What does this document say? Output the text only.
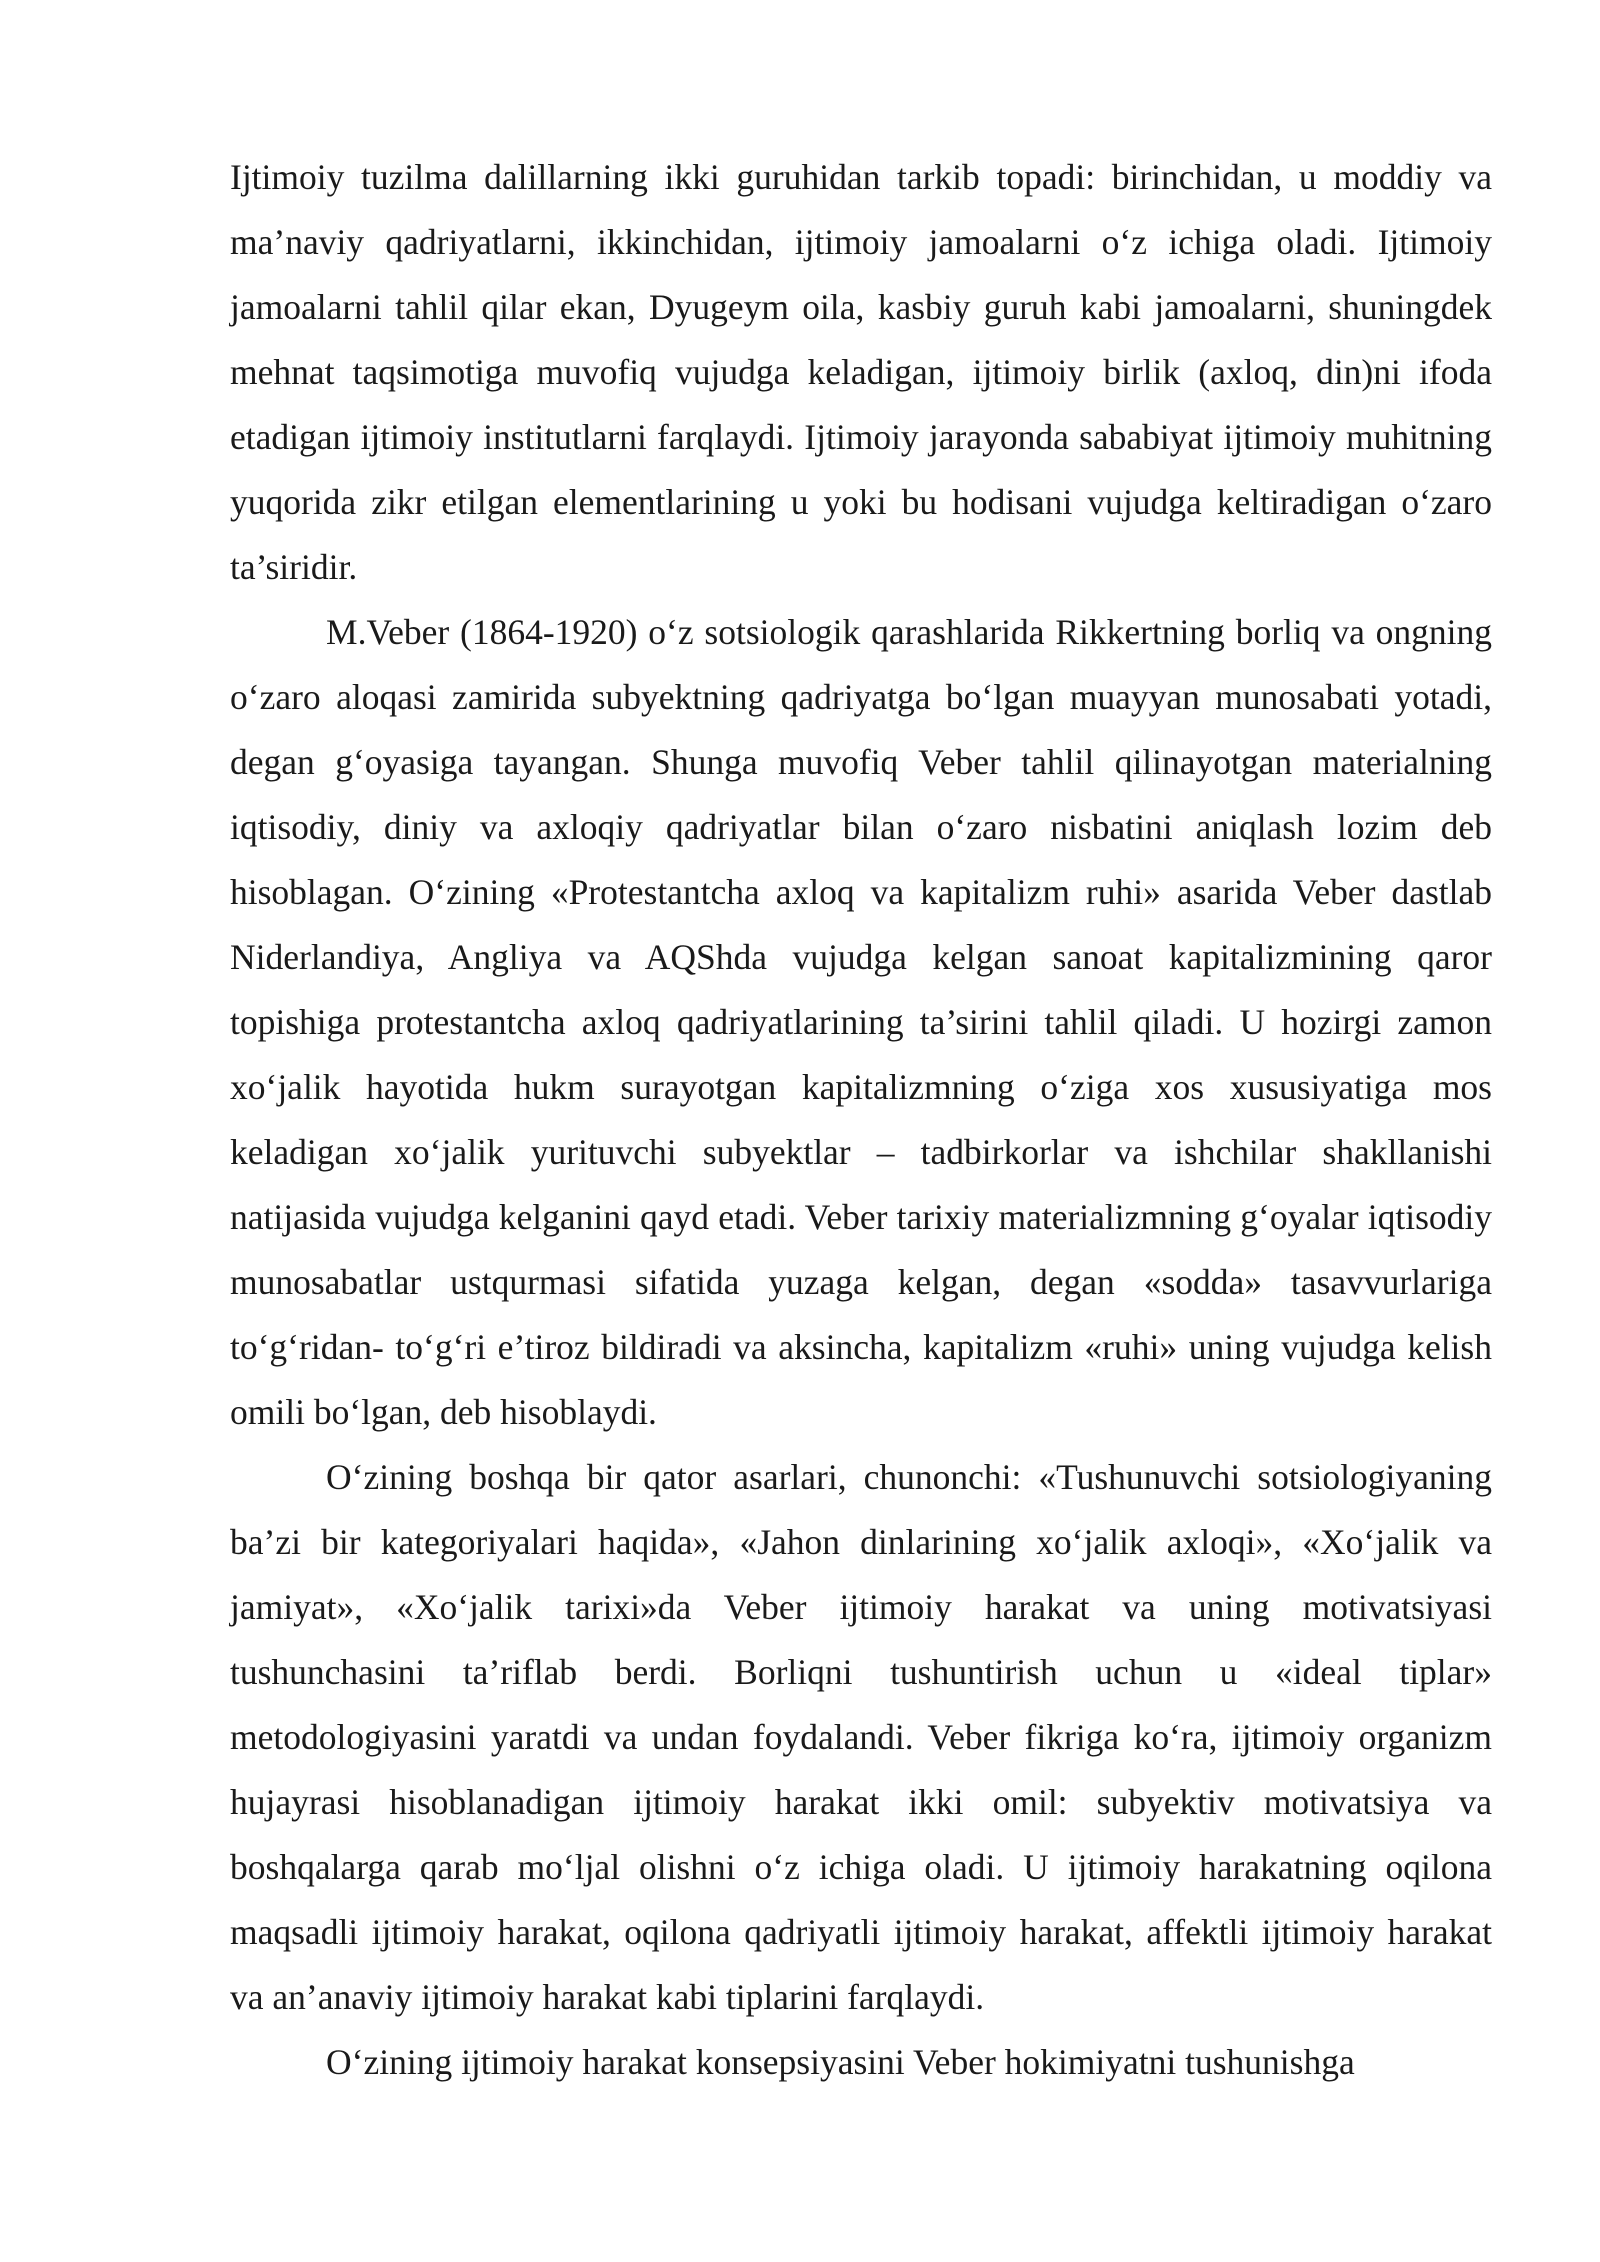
Ijtimoiy tuzilma dalillarning ikki guruhidan tarkib topadi: birinchidan, u moddiy va ma’naviy qadriyatlarni, ikkinchidan, ijtimoiy jamoalarni o‘z ichiga oladi. Ijtimoiy jamoalarni tahlil qilar ekan, Dyugeym oila, kasbiy guruh kabi jamoalarni, shuningdek mehnat taqsimotiga muvofiq vujudga keladigan, ijtimoiy birlik (axloq, din)ni ifoda etadigan ijtimoiy institutlarni farqlaydi. Ijtimoiy jarayonda sababiyat ijtimoiy muhitning yuqorida zikr etilgan elementlarining u yoki bu hodisani vujudga keltiradigan o‘zaro ta’siridir.

M.Veber (1864-1920) o‘z sotsiologik qarashlarida Rikkertning borliq va ongning o‘zaro aloqasi zamirida subyektning qadriyatga bo‘lgan muayyan munosabati yotadi, degan g‘oyasiga tayangan. Shunga muvofiq Veber tahlil qilinayotgan materialning iqtisodiy, diniy va axloqiy qadriyatlar bilan o‘zaro nisbatini aniqlash lozim deb hisoblagan. O‘zining «Protestantcha axloq va kapitalizm ruhi» asarida Veber dastlab Niderlandiya, Angliya va AQShda vujudga kelgan sanoat kapitalizmining qaror topishiga protestantcha axloq qadriyatlarining ta’sirini tahlil qiladi. U hozirgi zamon xo‘jalik hayotida hukm surayotgan kapitalizmning o‘ziga xos xususiyatiga mos keladigan xo‘jalik yurituvchi subyektlar – tadbirkorlar va ishchilar shakllanishi natijasida vujudga kelganini qayd etadi. Veber tarixiy materializmning g‘oyalar iqtisodiy munosabatlar ustqurmasi sifatida yuzaga kelgan, degan «sodda» tasavvurlariga to‘g‘ridan- to‘g‘ri e’tiroz bildiradi va aksincha, kapitalizm «ruhi» uning vujudga kelish omili bo‘lgan, deb hisoblaydi.

O‘zining boshqa bir qator asarlari, chunonchi: «Tushunuvchi sotsiologiyaning ba’zi bir kategoriyalari haqida», «Jahon dinlarining xo‘jalik axloqi», «Xo‘jalik va jamiyat», «Xo‘jalik tarixi»da Veber ijtimoiy harakat va uning motivatsiyasi tushunchasini ta’riflab berdi. Borliqni tushuntirish uchun u «ideal tiplar» metodologiyasini yaratdi va undan foydalandi. Veber fikriga ko‘ra, ijtimoiy organizm hujayrasi hisoblanadigan ijtimoiy harakat ikki omil: subyektiv motivatsiya va boshqalarga qarab mo‘ljal olishni o‘z ichiga oladi. U ijtimoiy harakatning oqilona maqsadli ijtimoiy harakat, oqilona qadriyatli ijtimoiy harakat, affektli ijtimoiy harakat va an’anaviy ijtimoiy harakat kabi tiplarini farqlaydi.

O‘zining ijtimoiy harakat konsepsiyasini Veber hokimiyatni tushunishga
